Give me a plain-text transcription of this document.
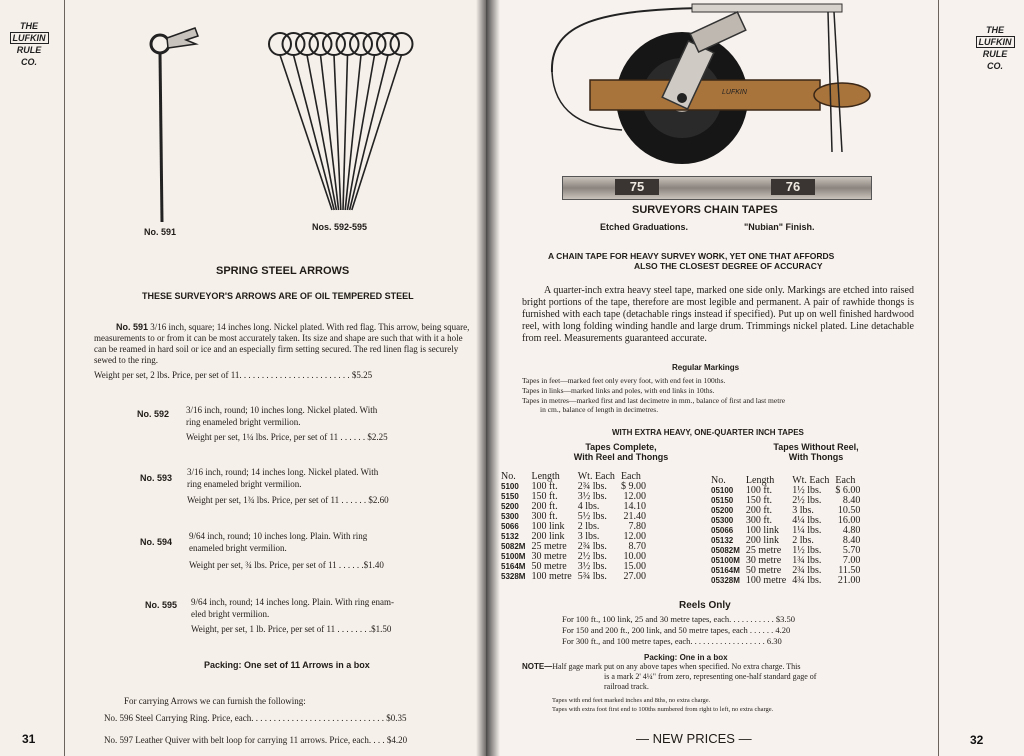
THE
LUFKIN
RULE
CO.
No. 591	Nos. 592-595
SPRING STEEL ARROWS
THESE SURVEYOR'S ARROWS ARE OF OIL TEMPERED STEEL
No. 591 3/16 inch, square; 14 inches long. Nickel plated. With red flag. This arrow, being square, measurements to or from it can be most accurately taken. Its size and shape are such that with it a hole can be reamed in hard soil or ice and an especially firm setting secured. The red linen flag is securely sewed to the ring.
Weight per set, 2 lbs. Price, per set of 11. . . . . . . . . . . . . . . . . . . . . . . . . $5.25
No. 592 3/16 inch, round; 10 inches long. Nickel plated. With
ring enameled bright vermilion.
Weight per set, 1¼ lbs. Price, per set of 11 . . . . . . $2.25
No. 593
3/16 inch, round; 14 inches long. Nickel plated. With
ring enameled bright vermilion.
Weight per set, 1¾ lbs. Price, per set of 11 . . . . . . $2.60
No. 594
9/64 inch, round; 10 inches long. Plain. With ring
enameled bright vermilion.
Weight per set, ¾ lbs. Price, per set of 11 . . . . . .$1.40
No. 595 9/64 inch, round; 14 inches long. Plain. With ring enam-
eled bright vermilion.
Weight, per set, 1 lb. Price, per set of 11 . . . . . . . .$1.50
Packing: One set of 11 Arrows in a box
For carrying Arrows we can furnish the following:
No. 596 Steel Carrying Ring. Price, each. . . . . . . . . . . . . . . . . . . . . . . . . . . . . . $0.35
No. 597 Leather Quiver with belt loop for carrying 11 arrows. Price, each. . . . $4.20
31
THE
LUFKIN
RULE
CO.
LUFKIN
75	76
SURVEYORS CHAIN TAPES
Etched Graduations.	"Nubian" Finish.
A CHAIN TAPE FOR HEAVY SURVEY WORK, YET ONE THAT AFFORDS
ALSO THE CLOSEST DEGREE OF ACCURACY
A quarter-inch extra heavy steel tape, marked one side only. Markings are etched into raised bright portions of the tape, therefore are most legible and permanent. A pair of rawhide thongs is furnished with each tape (detachable rings instead if specified). Put up on well finished hardwood reel, with long folding winding handle and large drum. Trimmings nickel plated. Line detachable from reel. Measurements guaranteed accurate.
Regular Markings
Tapes in feet—marked feet only every foot, with end feet in 100ths.
Tapes in links—marked links and poles, with end links in 10ths.
Tapes in metres—marked first and last decimetre in mm., balance of first and last metre
in cm., balance of length in decimetres.
WITH EXTRA HEAVY, ONE-QUARTER INCH TAPES
Tapes Complete,
With Reel and Thongs
Tapes Without Reel,
With Thongs
No.	Length	Wt. Each	Each
5100	100 ft.	2¾ lbs.	$ 9.00
5150	150 ft.	3½ lbs.	12.00
5200	200 ft.	4 lbs.	14.10
5300	300 ft.	5½ lbs.	21.40
5066	100 link	2 lbs.	7.80
5132	200 link	3 lbs.	12.00
5082M	25 metre	2¾ lbs.	8.70
5100M	30 metre	2½ lbs.	10.00
5164M	50 metre	3½ lbs.	15.00
5328M	100 metre	5¾ lbs.	27.00
No.	Length	Wt. Each	Each
05100	100 ft.	1½ lbs.	$ 6.00
05150	150 ft.	2½ lbs.	8.40
05200	200 ft.	3 lbs.	10.50
05300	300 ft.	4¼ lbs.	16.00
05066	100 link	1¼ lbs.	4.80
05132	200 link	2 lbs.	8.40
05082M	25 metre	1½ lbs.	5.70
05100M	30 metre	1¾ lbs.	7.00
05164M	50 metre	2¾ lbs.	11.50
05328M	100 metre	4¾ lbs.	21.00
Reels Only
For 100 ft., 100 link, 25 and 30 metre tapes, each. . . . . . . . . . . $3.50
For 150 and 200 ft., 200 link, and 50 metre tapes, each . . . . . . 4.20
For 300 ft., and 100 metre tapes, each. . . . . . . . . . . . . . . . . . 6.30
Packing: One in a box
NOTE—Half gage mark put on any above tapes when specified. No extra charge. This
is a mark 2' 4¼" from zero, representing one-half standard gage of
railroad track.
Tapes with end feet marked inches and 8ths, no extra charge.
Tapes with extra foot first end to 100ths numbered from right to left, no extra charge.
— NEW PRICES —	32
